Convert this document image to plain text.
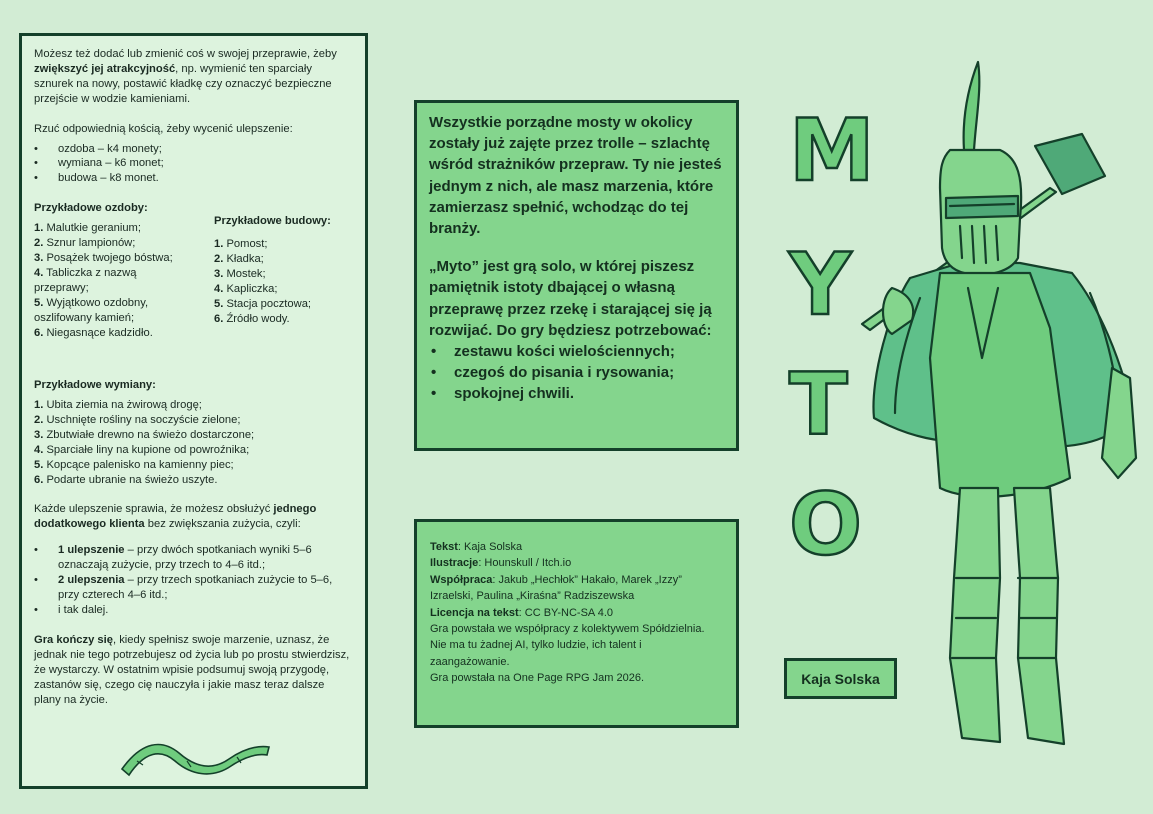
Możesz też dodać lub zmienić coś w swojej przeprawie, żeby zwiększyć jej atrakcyjność, np. wymienić ten sparciały sznurek na nowy, postawić kładkę czy oznaczyć bezpieczne przejście w wodzie kamieniami.

Rzuć odpowiednią kością, żeby wycenić ulepszenie:

• ozdoba – k4 monety;
• wymiana – k6 monet;
• budowa – k8 monet.
Przykładowe ozdoby:
1. Malutkie geranium;
2. Sznur lampionów;
3. Posążek twojego bóstwa;
4. Tabliczka z nazwą przeprawy;
5. Wyjątkowo ozdobny, oszlifowany kamień;
6. Niegasnące kadzidło.
Przykładowe budowy:
1. Pomost;
2. Kładka;
3. Mostek;
4. Kapliczka;
5. Stacja pocztowa;
6. Źródło wody.
Przykładowe wymiany:
1. Ubita ziemia na żwirową drogę;
2. Uschnięte rośliny na soczyście zielone;
3. Zbutwiałe drewno na świeżo dostarczone;
4. Sparciałe liny na kupione od powroźnika;
5. Kopcące palenisko na kamienny piec;
6. Podarte ubranie na świeżo uszyte.

Każde ulepszenie sprawia, że możesz obsłużyć jednego dodatkowego klienta bez zwiększania zużycia, czyli:

• 1 ulepszenie – przy dwóch spotkaniach wyniki 5–6 oznaczają zużycie, przy trzech to 4–6 itd.;
• 2 ulepszenia – przy trzech spotkaniach zużycie to 5–6, przy czterech 4–6 itd.;
• i tak dalej.

Gra kończy się, kiedy spełnisz swoje marzenie, uznasz, że jednak nie tego potrzebujesz od życia lub po prostu stwierdzisz, że wystarczy. W ostatnim wpisie podsumuj swoją przygodę, zastanów się, czego cię nauczyła i jakie masz teraz dalsze plany na życie.

Wszystkie porządne mosty w okolicy zostały już zajęte przez trolle – szlachtę wśród strażników przepraw. Ty nie jesteś jednym z nich, ale masz marzenia, które zamierzasz spełnić, wchodząc do tej branży.

„Myto” jest grą solo, w której piszesz pamiętnik istoty dbającej o własną przeprawę przez rzekę i starającej się ją rozwijać. Do gry będziesz potrzebować:

• zestawu kości wielościennych;
• czegoś do pisania i rysowania;
• spokojnej chwili.
Tekst: Kaja Solska
Ilustracje: Hounskull / Itch.io
Współpraca: Jakub „Hechłok” Hakało, Marek „Izzy” Izraelski, Paulina „Kiraśna” Radziszewska
Licencja na tekst: CC BY-NC-SA 4.0
Gra powstała we współpracy z kolektywem Spółdzielnia.
Nie ma tu żadnej AI, tylko ludzie, ich talent i zaangażowanie.
Gra powstała na One Page RPG Jam 2026.
M
Y
T
O
Kaja Solska
